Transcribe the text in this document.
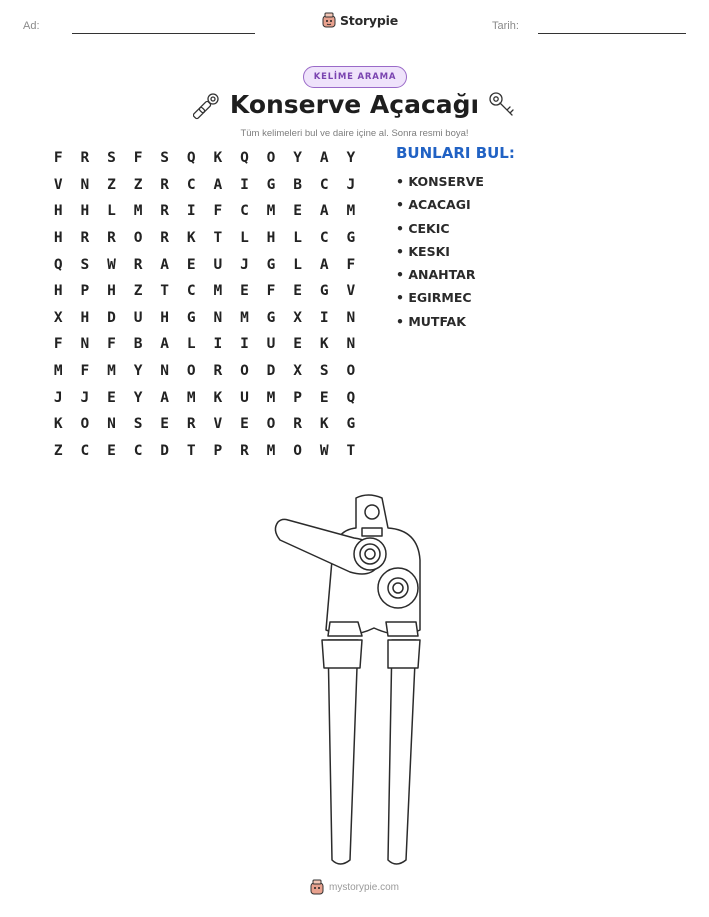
Ad:	Storypie	Tarih:
KELİME ARAMA
Konserve Açacağı
Tüm kelimeleri bul ve daire içine al. Sonra resmi boya!
F	R	S	F	S	Q	K	Q	O	Y	A	Y
V	N	Z	Z	R	C	A	I	G	B	C	J
H	H	L	M	R	I	F	C	M	E	A	M
H	R	R	O	R	K	T	L	H	L	C	G
Q	S	W	R	A	E	U	J	G	L	A	F
H	P	H	Z	T	C	M	E	F	E	G	V
X	H	D	U	H	G	N	M	G	X	I	N
F	N	F	B	A	L	I	I	U	E	K	N
M	F	M	Y	N	O	R	O	D	X	S	O
J	J	E	Y	A	M	K	U	M	P	E	Q
K	O	N	S	E	R	V	E	O	R	K	G
Z	C	E	C	D	T	P	R	M	O	W	T
BUNLARI BUL:
• KONSERVE
• ACACAGI
• CEKIC
• KESKI
• ANAHTAR
• EGIRMEC
• MUTFAK
mystorypie.com
